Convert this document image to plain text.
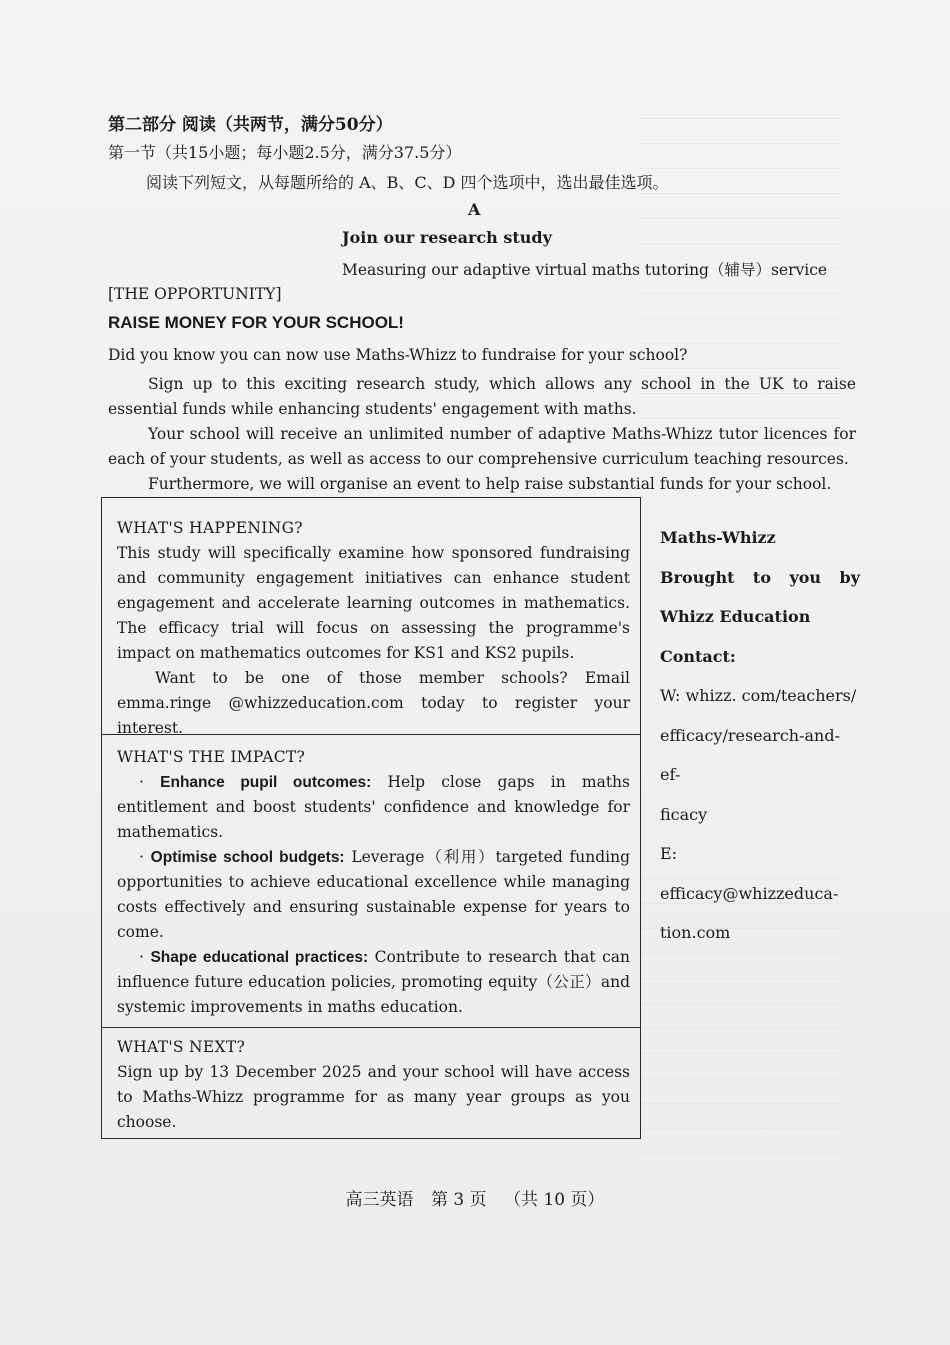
第二部分 阅读（共两节，满分50分）
第一节（共15小题；每小题2.5分，满分37.5分）
阅读下列短文，从每题所给的 A、B、C、D 四个选项中，选出最佳选项。
A
Join our research study
Measuring our adaptive virtual maths tutoring（辅导）service
[THE OPPORTUNITY]
RAISE MONEY FOR YOUR SCHOOL!
Did you know you can now use Maths-Whizz to fundraise for your school?
Sign up to this exciting research study, which allows any school in the UK to raise essential funds while enhancing students' engagement with maths.
Your school will receive an unlimited number of adaptive Maths-Whizz tutor licences for each of your students, as well as access to our comprehensive curriculum teaching resources.
Furthermore, we will organise an event to help raise substantial funds for your school.
WHAT'S HAPPENING?

This study will specifically examine how sponsored fundraising and community engagement initiatives can enhance student engagement and accelerate learning outcomes in mathematics. The efficacy trial will focus on assessing the programme's impact on mathematics outcomes for KS1 and KS2 pupils.

Want to be one of those member schools? Email emma.ringe @whizzeducation.com today to register your interest.

WHAT'S THE IMPACT?

· Enhance pupil outcomes: Help close gaps in maths entitlement and boost students' confidence and knowledge for mathematics.

· Optimise school budgets: Leverage（利用）targeted funding opportunities to achieve educational excellence while managing costs effectively and ensuring sustainable expense for years to come.

· Shape educational practices: Contribute to research that can influence future education policies, promoting equity（公正）and systemic improvements in maths education.

WHAT'S NEXT?

Sign up by 13 December 2025 and your school will have access to Maths-Whizz programme for as many year groups as you choose.

Maths-Whizz
Brought to you by
Whizz Education
Contact:
W: whizz. com/teachers/
efficacy/research-and-ef-
ficacy
E: efficacy@whizzeduca-
tion.com
高三英语 第 3 页 （共 10 页）
